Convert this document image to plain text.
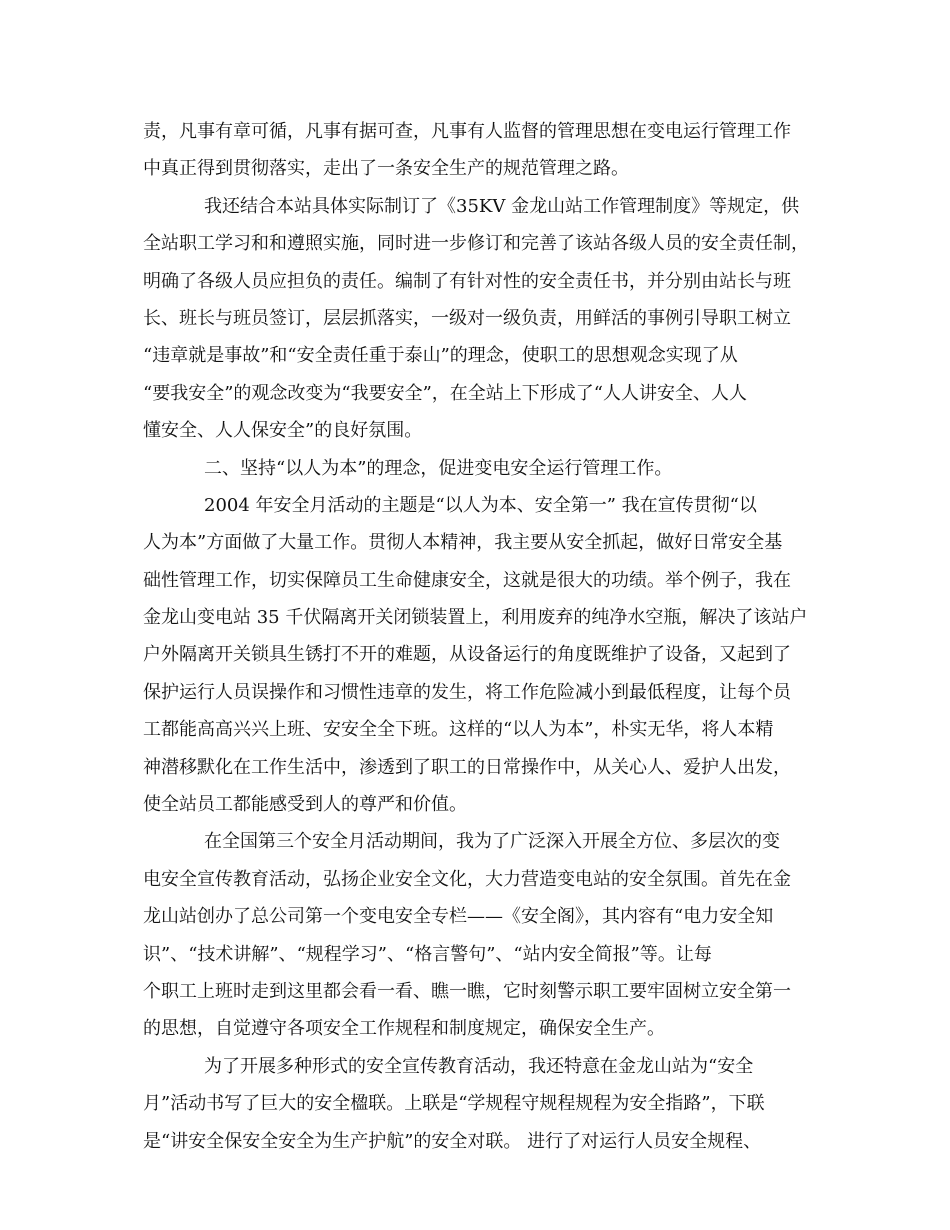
责，凡事有章可循，凡事有据可查，凡事有人监督的管理思想在变电运行管理工作
中真正得到贯彻落实，走出了一条安全生产的规范管理之路。
我还结合本站具体实际制订了《35KV 金龙山站工作管理制度》等规定，供
全站职工学习和和遵照实施，同时进一步修订和完善了该站各级人员的安全责任制，
明确了各级人员应担负的责任。编制了有针对性的安全责任书，并分别由站长与班
长、班长与班员签订，层层抓落实，一级对一级负责，用鲜活的事例引导职工树立
“违章就是事故”和“安全责任重于泰山”的理念，使职工的思想观念实现了从
“要我安全”的观念改变为“我要安全”，在全站上下形成了“人人讲安全、人人
懂安全、人人保安全”的良好氛围。
二、坚持“以人为本”的理念，促进变电安全运行管理工作。
2004 年安全月活动的主题是“以人为本、安全第一” 我在宣传贯彻“以
人为本”方面做了大量工作。贯彻人本精神，我主要从安全抓起，做好日常安全基
础性管理工作，切实保障员工生命健康安全，这就是很大的功绩。举个例子，我在
金龙山变电站 35 千伏隔离开关闭锁装置上，利用废弃的纯净水空瓶，解决了该站户
户外隔离开关锁具生锈打不开的难题，从设备运行的角度既维护了设备，又起到了
保护运行人员误操作和习惯性违章的发生，将工作危险减小到最低程度，让每个员
工都能高高兴兴上班、安安全全下班。这样的“以人为本”，朴实无华，将人本精
神潜移默化在工作生活中，渗透到了职工的日常操作中，从关心人、爱护人出发，
使全站员工都能感受到人的尊严和价值。
在全国第三个安全月活动期间，我为了广泛深入开展全方位、多层次的变
电安全宣传教育活动，弘扬企业安全文化，大力营造变电站的安全氛围。首先在金
龙山站创办了总公司第一个变电安全专栏——《安全阁》，其内容有“电力安全知
识”、“技术讲解”、“规程学习”、“格言警句”、“站内安全简报”等。让每
个职工上班时走到这里都会看一看、瞧一瞧，它时刻警示职工要牢固树立安全第一
的思想，自觉遵守各项安全工作规程和制度规定，确保安全生产。
为了开展多种形式的安全宣传教育活动，我还特意在金龙山站为“安全
月”活动书写了巨大的安全楹联。上联是“学规程守规程规程为安全指路”，下联
是“讲安全保安全安全为生产护航”的安全对联。 进行了对运行人员安全规程、
